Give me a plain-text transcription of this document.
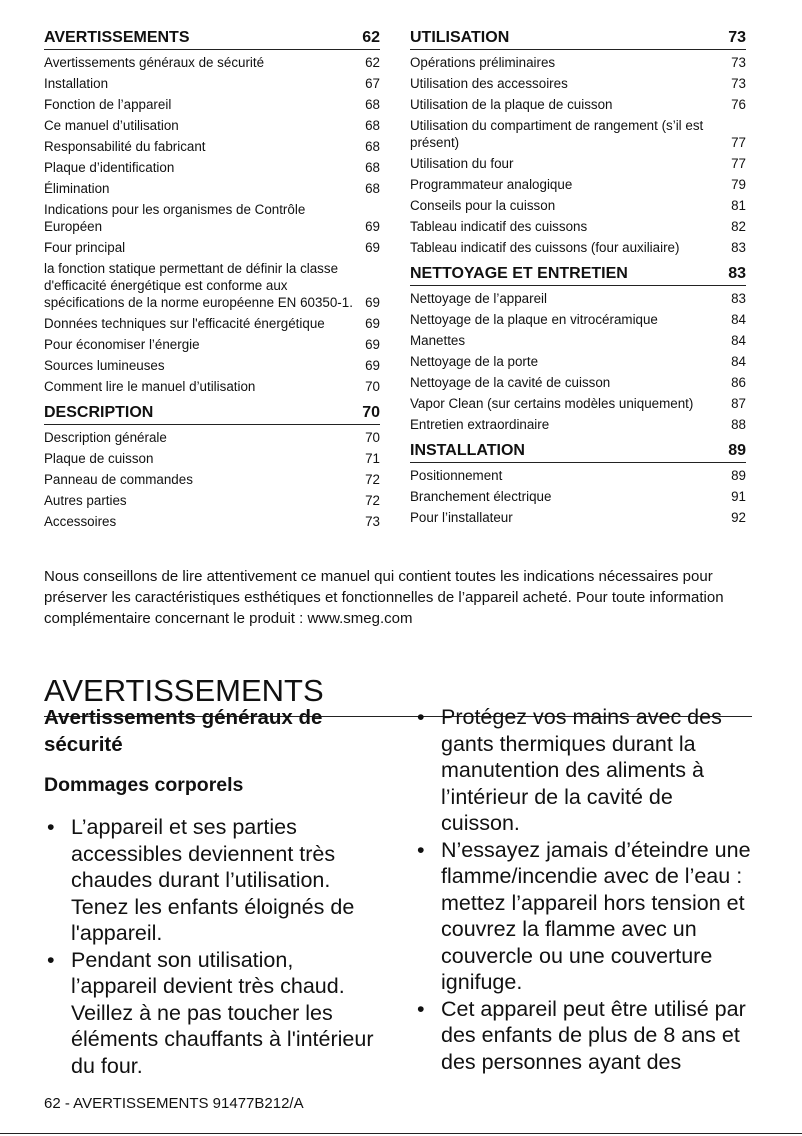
AVERTISSEMENTS	62
Avertissements généraux de sécurité	62
Installation	67
Fonction de l’appareil	68
Ce manuel d’utilisation	68
Responsabilité du fabricant	68
Plaque d’identification	68
Élimination	68
Indications pour les organismes de Contrôle Européen	69
Four principal	69
la fonction statique permettant de définir la classe d'efficacité énergétique est conforme aux spécifications de la norme européenne EN 60350-1. 69
Données techniques sur l'efficacité énergétique	69
Pour économiser l’énergie	69
Sources lumineuses	69
Comment lire le manuel d’utilisation	70
DESCRIPTION	70
Description générale	70
Plaque de cuisson	71
Panneau de commandes	72
Autres parties	72
Accessoires	73
UTILISATION	73
Opérations préliminaires	73
Utilisation des accessoires	73
Utilisation de la plaque de cuisson	76
Utilisation du compartiment de rangement (s’il est présent)	77
Utilisation du four	77
Programmateur analogique	79
Conseils pour la cuisson	81
Tableau indicatif des cuissons	82
Tableau indicatif des cuissons (four auxiliaire)	83
NETTOYAGE ET ENTRETIEN	83
Nettoyage de l’appareil	83
Nettoyage de la plaque en vitrocéramique	84
Manettes	84
Nettoyage de la porte	84
Nettoyage de la cavité de cuisson	86
Vapor Clean (sur certains modèles uniquement)	87
Entretien extraordinaire	88
INSTALLATION	89
Positionnement	89
Branchement électrique	91
Pour l’installateur	92
Nous conseillons de lire attentivement ce manuel qui contient toutes les indications nécessaires pour préserver les caractéristiques esthétiques et fonctionnelles de l’appareil acheté. Pour toute information complémentaire concernant le produit : www.smeg.com
AVERTISSEMENTS
Avertissements généraux de sécurité
Dommages corporels
• L’appareil et ses parties accessibles deviennent très chaudes durant l’utilisation. Tenez les enfants éloignés de l'appareil.
• Pendant son utilisation, l’appareil devient très chaud. Veillez à ne pas toucher les éléments chauffants à l'intérieur du four.
• Protégez vos mains avec des gants thermiques durant la manutention des aliments à l’intérieur de la cavité de cuisson.
• N’essayez jamais d’éteindre une flamme/incendie avec de l’eau : mettez l’appareil hors tension et couvrez la flamme avec un couvercle ou une couverture ignifuge.
• Cet appareil peut être utilisé par des enfants de plus de 8 ans et des personnes ayant des
62 - AVERTISSEMENTS 91477B212/A
